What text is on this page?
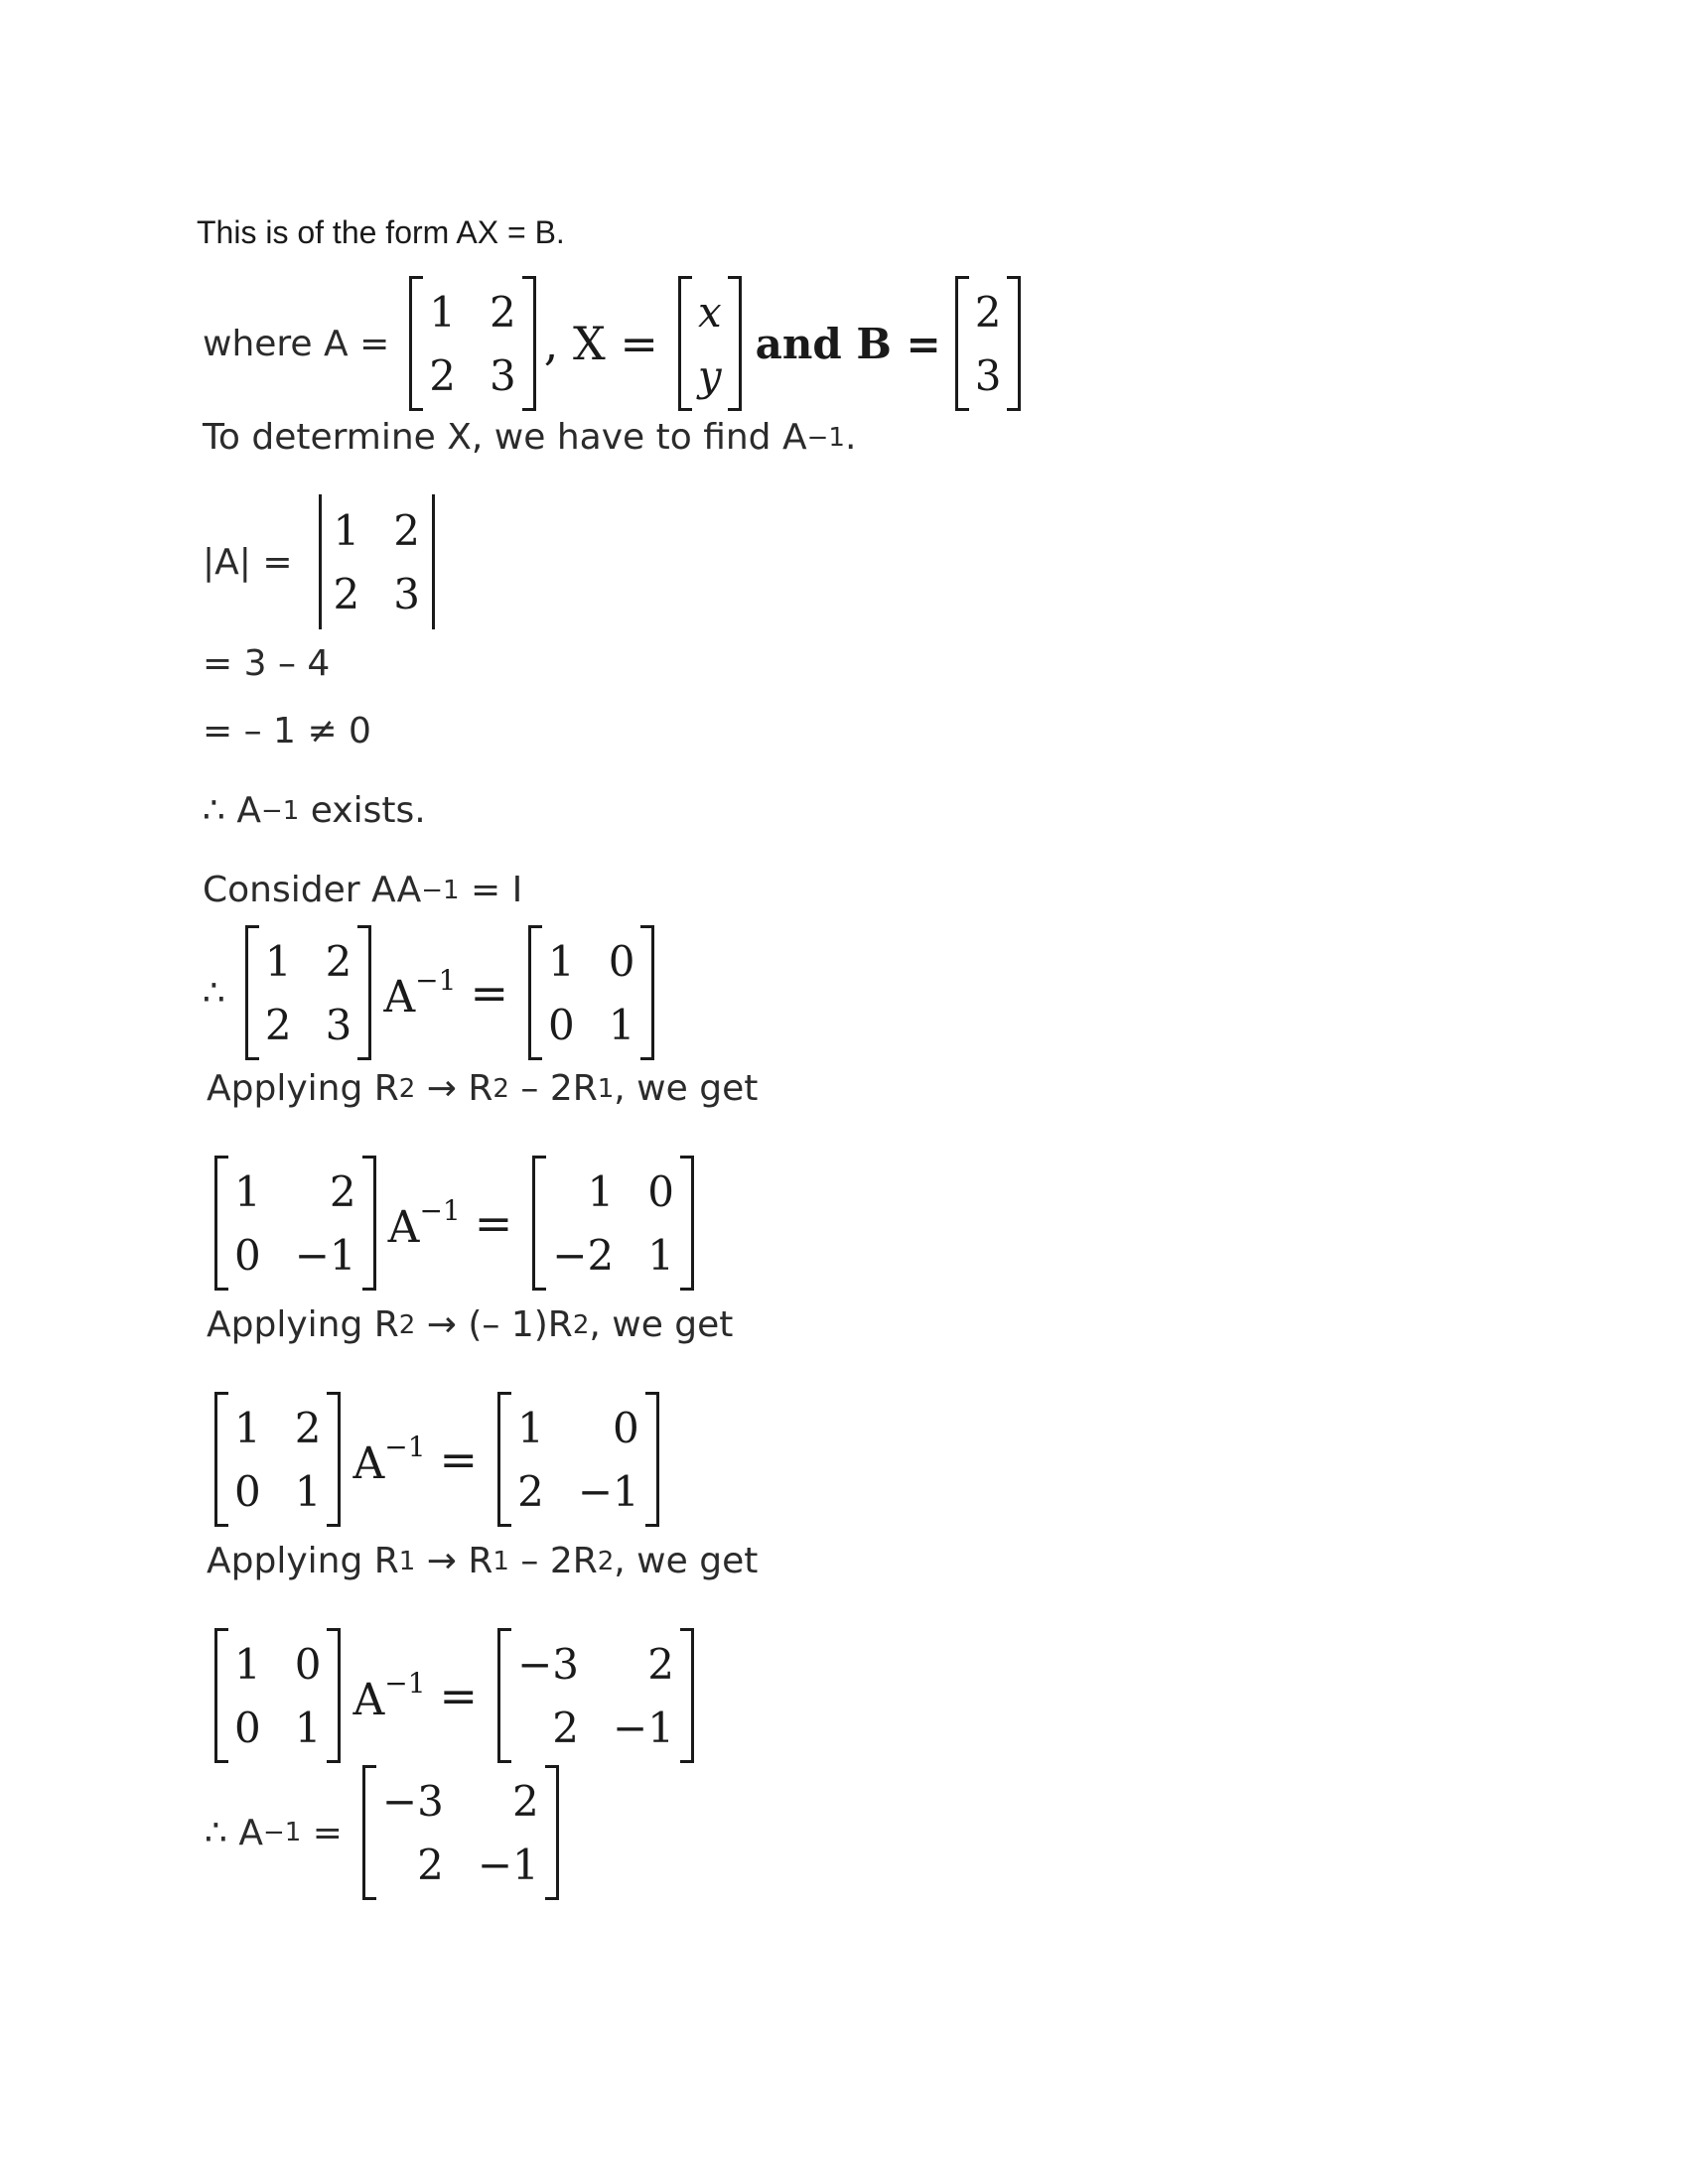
This is of the form AX = B.
where A =
1 2
2 3
, X =
x
y
and B =
2
3
To determine X, we have to find A −1 .
|A| =
1 2
2 3
= 3 – 4
= – 1 ≠ 0
∴ A −1 exists.
Consider AA −1 = I
∴
1 2
2 3
$A^{-1}$ =
1 0
0 1
Applying R 2 → R 2 – 2R 1 , we get
1	2
0 −1
$A^{-1}$ =
1 0
−2 1
Applying R 2 → (– 1)R 2 , we get
1 2
0 1
$A^{-1}$ =
1	0
2 −1
Applying R 1 → R 1 – 2R 2 , we get
1 0
0 1
$A^{-1}$ =
−3	2
2 −1
∴ A −1 =
−3	2
2 −1
